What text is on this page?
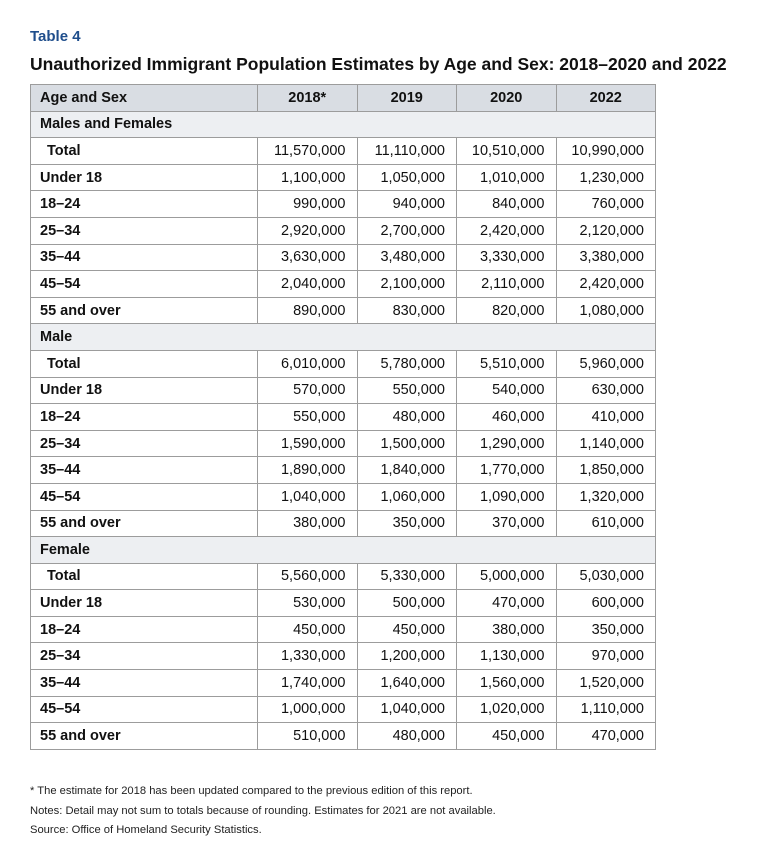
Table 4
Unauthorized Immigrant Population Estimates by Age and Sex: 2018–2020 and 2022
Age and Sex	2018*	2019	2020	2022
Males and Females				
Total	11,570,000	11,110,000	10,510,000	10,990,000
Under 18	1,100,000	1,050,000	1,010,000	1,230,000
18–24	990,000	940,000	840,000	760,000
25–34	2,920,000	2,700,000	2,420,000	2,120,000
35–44	3,630,000	3,480,000	3,330,000	3,380,000
45–54	2,040,000	2,100,000	2,110,000	2,420,000
55 and over	890,000	830,000	820,000	1,080,000
Male				
Total	6,010,000	5,780,000	5,510,000	5,960,000
Under 18	570,000	550,000	540,000	630,000
18–24	550,000	480,000	460,000	410,000
25–34	1,590,000	1,500,000	1,290,000	1,140,000
35–44	1,890,000	1,840,000	1,770,000	1,850,000
45–54	1,040,000	1,060,000	1,090,000	1,320,000
55 and over	380,000	350,000	370,000	610,000
Female				
Total	5,560,000	5,330,000	5,000,000	5,030,000
Under 18	530,000	500,000	470,000	600,000
18–24	450,000	450,000	380,000	350,000
25–34	1,330,000	1,200,000	1,130,000	970,000
35–44	1,740,000	1,640,000	1,560,000	1,520,000
45–54	1,000,000	1,040,000	1,020,000	1,110,000
55 and over	510,000	480,000	450,000	470,000
* The estimate for 2018 has been updated compared to the previous edition of this report.
Notes: Detail may not sum to totals because of rounding. Estimates for 2021 are not available.
Source: Office of Homeland Security Statistics.
